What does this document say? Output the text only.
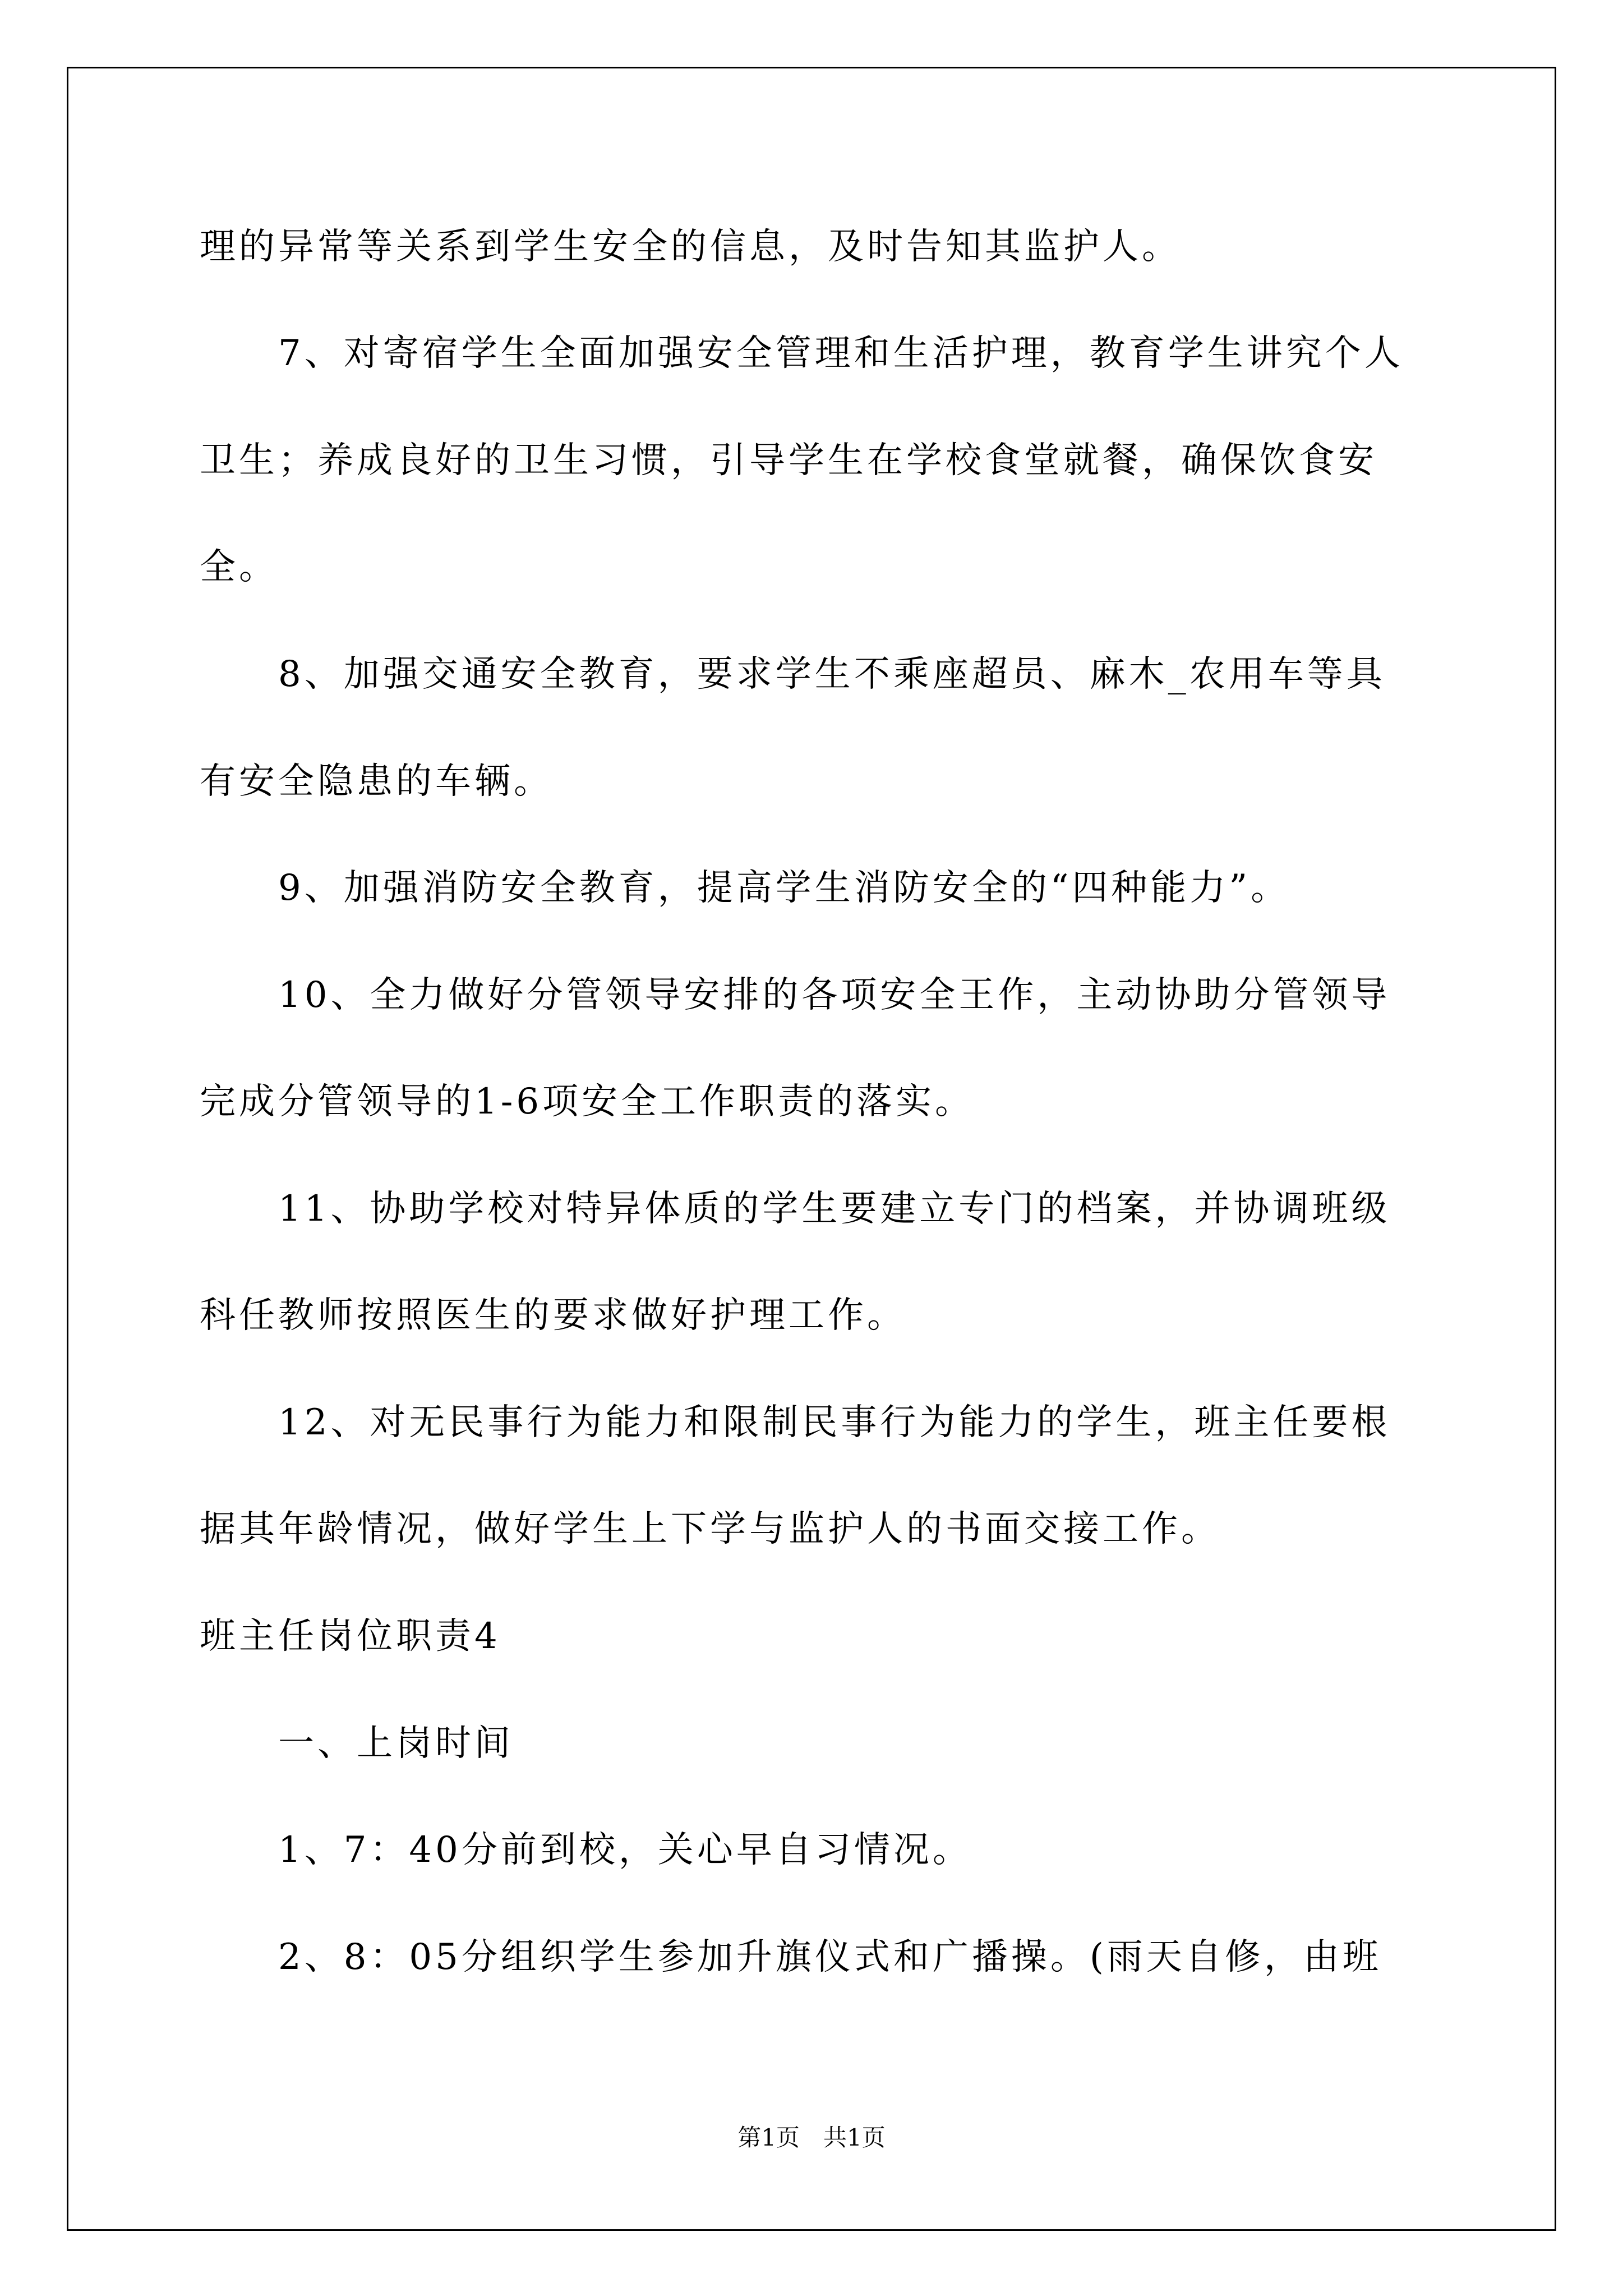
理的异常等关系到学生安全的信息，及时告知其监护人。
7、对寄宿学生全面加强安全管理和生活护理，教育学生讲究个人
卫生；养成良好的卫生习惯，引导学生在学校食堂就餐，确保饮食安
全。
8、加强交通安全教育，要求学生不乘座超员、麻木_农用车等具
有安全隐患的车辆。
9、加强消防安全教育，提高学生消防安全的“四种能力”。
10、全力做好分管领导安排的各项安全王作，主动协助分管领导
完成分管领导的1-6项安全工作职责的落实。
11、协助学校对特异体质的学生要建立专门的档案，并协调班级
科任教师按照医生的要求做好护理工作。
12、对无民事行为能力和限制民事行为能力的学生，班主任要根
据其年龄情况，做好学生上下学与监护人的书面交接工作。
班主任岗位职责4
一、上岗时间
1、7：40分前到校，关心早自习情况。
2、8：05分组织学生参加升旗仪式和广播操。(雨天自修，由班
第1页　共1页
